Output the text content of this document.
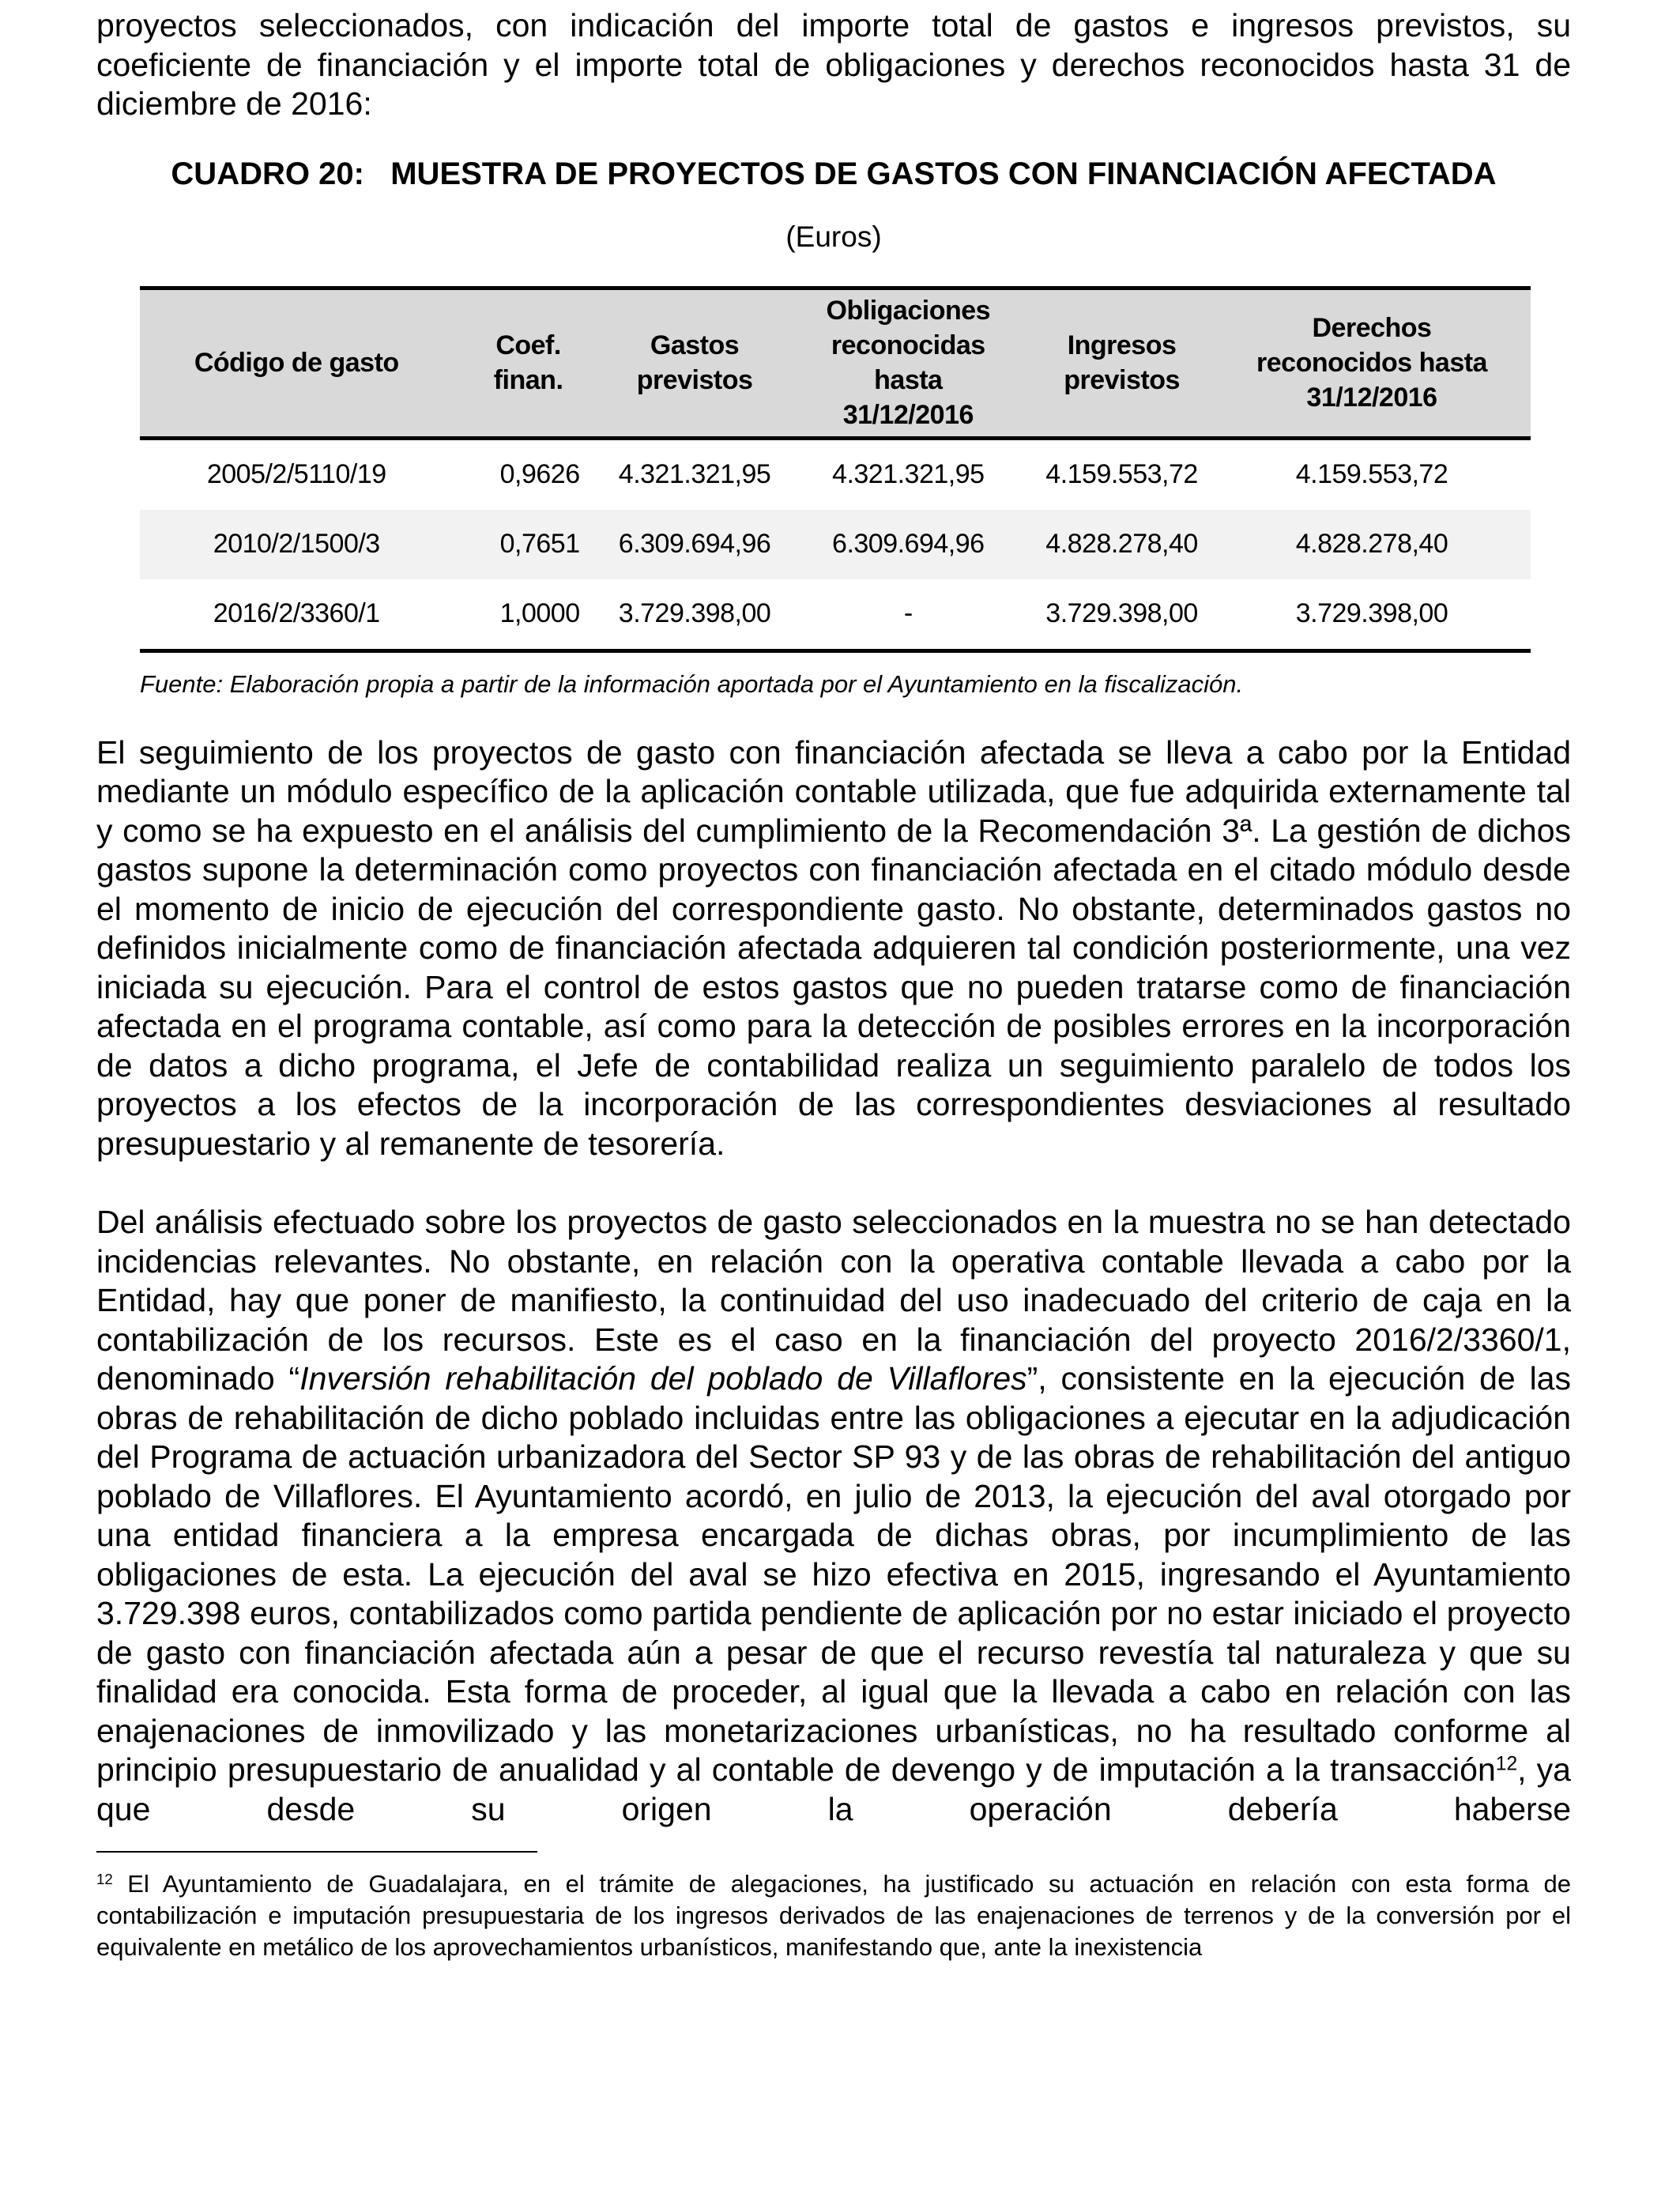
proyectos seleccionados, con indicación del importe total de gastos e ingresos previstos, su coeficiente de financiación y el importe total de obligaciones y derechos reconocidos hasta 31 de diciembre de 2016:

CUADRO 20:   MUESTRA DE PROYECTOS DE GASTOS CON FINANCIACIÓN AFECTADA
(Euros)
Código de gasto	Coef. finan.	Gastos previstos	Obligaciones reconocidas hasta 31/12/2016	Ingresos previstos	Derechos reconocidos hasta 31/12/2016
2005/2/5110/19	0,9626	4.321.321,95	4.321.321,95	4.159.553,72	4.159.553,72
2010/2/1500/3	0,7651	6.309.694,96	6.309.694,96	4.828.278,40	4.828.278,40
2016/2/3360/1	1,0000	3.729.398,00	-	3.729.398,00	3.729.398,00
Fuente: Elaboración propia a partir de la información aportada por el Ayuntamiento en la fiscalización.

El seguimiento de los proyectos de gasto con financiación afectada se lleva a cabo por la Entidad mediante un módulo específico de la aplicación contable utilizada, que fue adquirida externamente tal y como se ha expuesto en el análisis del cumplimiento de la Recomendación 3ª. La gestión de dichos gastos supone la determinación como proyectos con financiación afectada en el citado módulo desde el momento de inicio de ejecución del correspondiente gasto. No obstante, determinados gastos no definidos inicialmente como de financiación afectada adquieren tal condición posteriormente, una vez iniciada su ejecución. Para el control de estos gastos que no pueden tratarse como de financiación afectada en el programa contable, así como para la detección de posibles errores en la incorporación de datos a dicho programa, el Jefe de contabilidad realiza un seguimiento paralelo de todos los proyectos a los efectos de la incorporación de las correspondientes desviaciones al resultado presupuestario y al remanente de tesorería.

Del análisis efectuado sobre los proyectos de gasto seleccionados en la muestra no se han detectado incidencias relevantes. No obstante, en relación con la operativa contable llevada a cabo por la Entidad, hay que poner de manifiesto, la continuidad del uso inadecuado del criterio de caja en la contabilización de los recursos. Este es el caso en la financiación del proyecto 2016/2/3360/1, denominado “Inversión rehabilitación del poblado de Villaflores”, consistente en la ejecución de las obras de rehabilitación de dicho poblado incluidas entre las obligaciones a ejecutar en la adjudicación del Programa de actuación urbanizadora del Sector SP 93 y de las obras de rehabilitación del antiguo poblado de Villaflores. El Ayuntamiento acordó, en julio de 2013, la ejecución del aval otorgado por una entidad financiera a la empresa encargada de dichas obras, por incumplimiento de las obligaciones de esta. La ejecución del aval se hizo efectiva en 2015, ingresando el Ayuntamiento 3.729.398 euros, contabilizados como partida pendiente de aplicación por no estar iniciado el proyecto de gasto con financiación afectada aún a pesar de que el recurso revestía tal naturaleza y que su finalidad era conocida. Esta forma de proceder, al igual que la llevada a cabo en relación con las enajenaciones de inmovilizado y las monetarizaciones urbanísticas, no ha resultado conforme al principio presupuestario de anualidad y al contable de devengo y de imputación a la transacción$^{12}$, ya que desde su origen la operación debería haberse

$^{12}$ El Ayuntamiento de Guadalajara, en el trámite de alegaciones, ha justificado su actuación en relación con esta forma de contabilización e imputación presupuestaria de los ingresos derivados de las enajenaciones de terrenos y de la conversión por el equivalente en metálico de los aprovechamientos urbanísticos, manifestando que, ante la inexistencia
